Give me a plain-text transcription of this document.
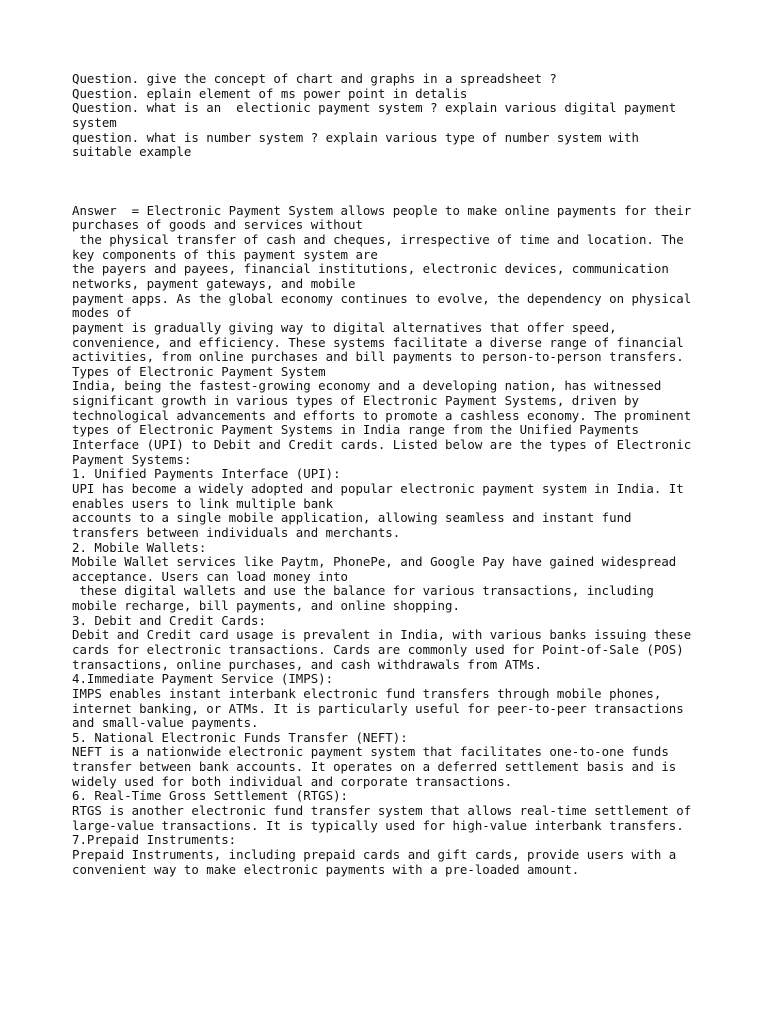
Question. give the concept of chart and graphs in a spreadsheet ?
Question. eplain element of ms power point in detalis
Question. what is an  electionic payment system ? explain various digital payment
system
question. what is number system ? explain various type of number system with
suitable example
Answer  = Electronic Payment System allows people to make online payments for their
purchases of goods and services without
the physical transfer of cash and cheques, irrespective of time and location. The
key components of this payment system are
the payers and payees, financial institutions, electronic devices, communication
networks, payment gateways, and mobile
payment apps. As the global economy continues to evolve, the dependency on physical
modes of
payment is gradually giving way to digital alternatives that offer speed,
convenience, and efficiency. These systems facilitate a diverse range of financial
activities, from online purchases and bill payments to person-to-person transfers.
Types of Electronic Payment System
India, being the fastest-growing economy and a developing nation, has witnessed
significant growth in various types of Electronic Payment Systems, driven by
technological advancements and efforts to promote a cashless economy. The prominent
types of Electronic Payment Systems in India range from the Unified Payments
Interface (UPI) to Debit and Credit cards. Listed below are the types of Electronic
Payment Systems:
1. Unified Payments Interface (UPI):
UPI has become a widely adopted and popular electronic payment system in India. It
enables users to link multiple bank
accounts to a single mobile application, allowing seamless and instant fund
transfers between individuals and merchants.
2. Mobile Wallets:
Mobile Wallet services like Paytm, PhonePe, and Google Pay have gained widespread
acceptance. Users can load money into
these digital wallets and use the balance for various transactions, including
mobile recharge, bill payments, and online shopping.
3. Debit and Credit Cards:
Debit and Credit card usage is prevalent in India, with various banks issuing these
cards for electronic transactions. Cards are commonly used for Point-of-Sale (POS)
transactions, online purchases, and cash withdrawals from ATMs.
4.Immediate Payment Service (IMPS):
IMPS enables instant interbank electronic fund transfers through mobile phones,
internet banking, or ATMs. It is particularly useful for peer-to-peer transactions
and small-value payments.
5. National Electronic Funds Transfer (NEFT):
NEFT is a nationwide electronic payment system that facilitates one-to-one funds
transfer between bank accounts. It operates on a deferred settlement basis and is
widely used for both individual and corporate transactions.
6. Real-Time Gross Settlement (RTGS):
RTGS is another electronic fund transfer system that allows real-time settlement of
large-value transactions. It is typically used for high-value interbank transfers.
7.Prepaid Instruments:
Prepaid Instruments, including prepaid cards and gift cards, provide users with a
convenient way to make electronic payments with a pre-loaded amount.
